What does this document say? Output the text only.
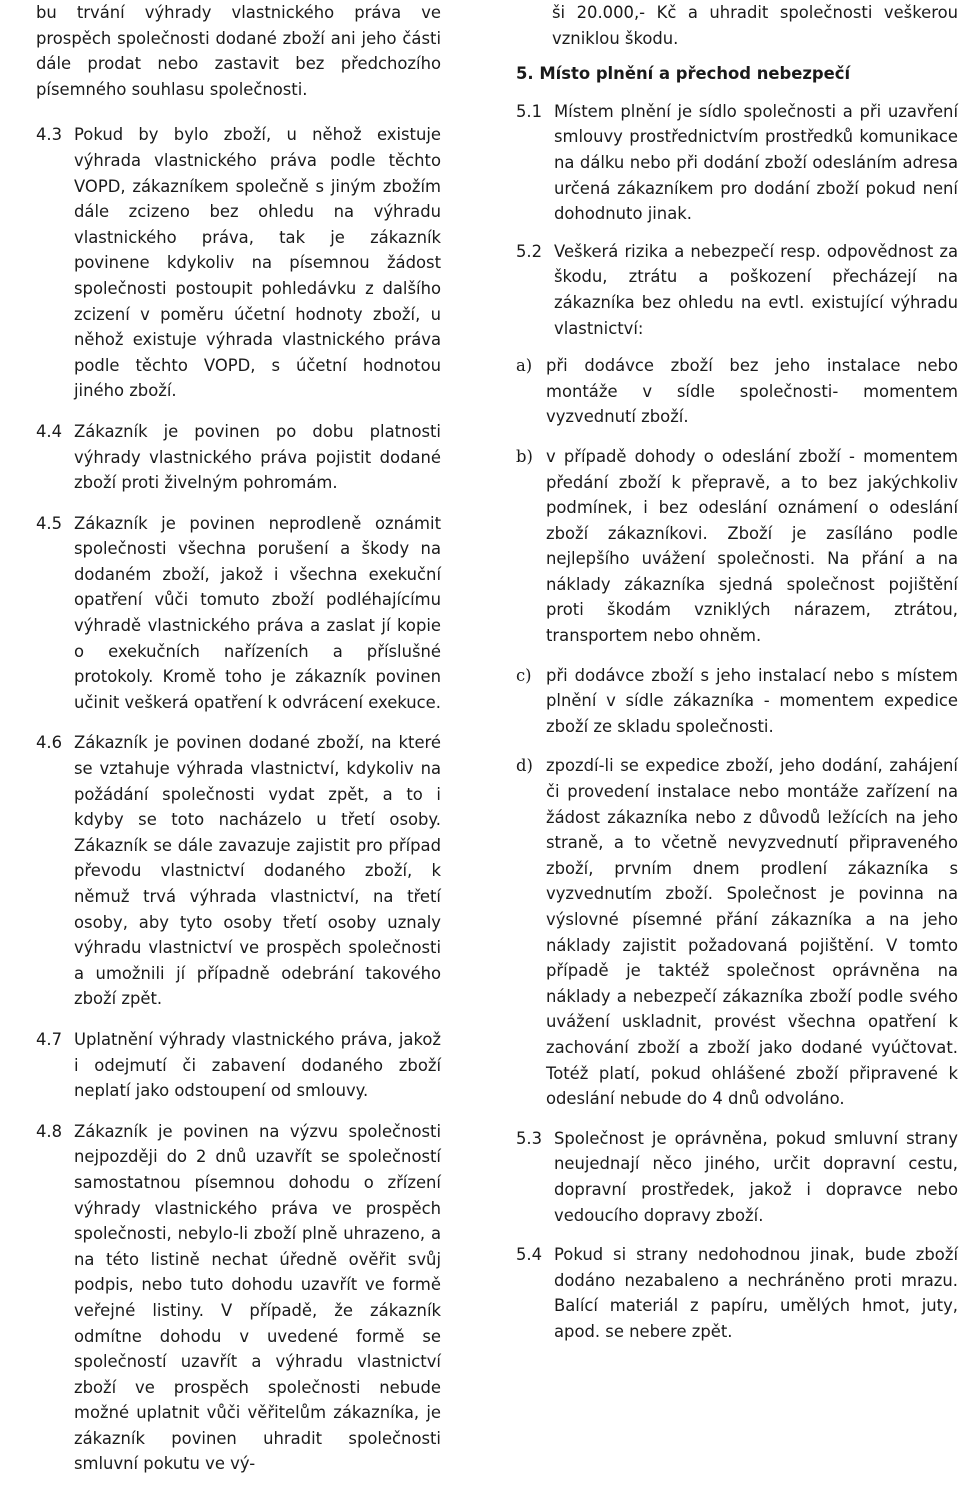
bu trvání výhrady vlastnického práva ve prospěch společnosti dodané zboží ani jeho části dále prodat nebo zastavit bez předchozího písemného souhlasu společnosti.

4.3 Pokud by bylo zboží, u něhož existuje výhrada vlastnického práva podle těchto VOPD, zákazníkem společně s jiným zbožím dále zcizeno bez ohledu na výhradu vlastnického práva, tak je zákazník povinene kdykoliv na písemnou žádost společnosti postoupit pohledávku z dalšího zcizení v poměru účetní hodnoty zboží, u něhož existuje výhrada vlastnického práva podle těchto VOPD, s účetní hodnotou jiného zboží.
4.4 Zákazník je povinen po dobu platnosti výhrady vlastnického práva pojistit dodané zboží proti živelným pohromám.
4.5 Zákazník je povinen neprodleně oznámit společnosti všechna porušení a škody na dodaném zboží, jakož i všechna exekuční opatření vůči tomuto zboží podléhajícímu výhradě vlastnického práva a zaslat jí kopie o exekučních nařízeních a příslušné protokoly. Kromě toho je zákazník povinen učinit veškerá opatření k odvrácení exekuce.
4.6 Zákazník je povinen dodané zboží, na které se vztahuje výhrada vlastnictví, kdykoliv na požádání společnosti vydat zpět, a to i kdyby se toto nacházelo u třetí osoby. Zákazník se dále zavazuje zajistit pro případ převodu vlastnictví dodaného zboží, k němuž trvá výhrada vlastnictví, na třetí osoby, aby tyto osoby třetí osoby uznaly výhradu vlastnictví ve prospěch společnosti a umožnili jí případně odebrání takového zboží zpět.
4.7 Uplatnění výhrady vlastnického práva, jakož i odejmutí či zabavení dodaného zboží neplatí jako odstoupení od smlouvy.
4.8 Zákazník je povinen na výzvu společnosti nejpozději do 2 dnů uzavřít se společností samostatnou písemnou dohodu o zřízení výhrady vlastnického práva ve prospěch společnosti, nebylo-li zboží plně uhrazeno, a na této listině nechat úředně ověřit svůj podpis, nebo tuto dohodu uzavřít ve formě veřejné listiny. V případě, že zákazník odmítne dohodu v uvedené formě se společností uzavřít a výhradu vlastnictví zboží ve prospěch společnosti nebude možné uplatnit vůči věřitelům zákazníka, je zákazník povinen uhradit společnosti smluvní pokutu ve vý-

ši 20.000,- Kč a uhradit společnosti veškerou vzniklou škodu.

5. Místo plnění a přechod nebezpečí

5.1 Místem plnění je sídlo společnosti a při uzavření smlouvy prostřednictvím prostředků komunikace na dálku nebo při dodání zboží odesláním adresa určená zákazníkem pro dodání zboží pokud není dohodnuto jinak.
5.2 Veškerá rizika a nebezpečí resp. odpovědnost za škodu, ztrátu a poškození přecházejí na zákazníka bez ohledu na evtl. existující výhradu vlastnictví:
a) při dodávce zboží bez jeho instalace nebo montáže v sídle společnosti- momentem vyzvednutí zboží.
b) v případě dohody o odeslání zboží - momentem předání zboží k přepravě, a to bez jakýchkoliv podmínek, i bez odeslání oznámení o odeslání zboží zákazníkovi. Zboží je zasíláno podle nejlepšího uvážení společnosti. Na přání a na náklady zákazníka sjedná společnost pojištění proti škodám vzniklých nárazem, ztrátou, transportem nebo ohněm.
c) při dodávce zboží s jeho instalací nebo s místem plnění v sídle zákazníka - momentem expedice zboží ze skladu společnosti.
d) zpozdí-li se expedice zboží, jeho dodání, zahájení či provedení instalace nebo montáže zařízení na žádost zákazníka nebo z důvodů ležících na jeho straně, a to včetně nevyzvednutí připraveného zboží, prvním dnem prodlení zákazníka s vyzvednutím zboží. Společnost je povinna na výslovné písemné přání zákazníka a na jeho náklady zajistit požadovaná pojištění. V tomto případě je taktéž společnost oprávněna na náklady a nebezpečí zákazníka zboží podle svého uvážení uskladnit, provést všechna opatření k zachování zboží a zboží jako dodané vyúčtovat. Totéž platí, pokud ohlášené zboží připravené k odeslání nebude do 4 dnů odvoláno.
5.3 Společnost je oprávněna, pokud smluvní strany neujednají něco jiného, určit dopravní cestu, dopravní prostředek, jakož i dopravce nebo vedoucího dopravy zboží.
5.4 Pokud si strany nedohodnou jinak, bude zboží dodáno nezabaleno a nechráněno proti mrazu. Balící materiál z papíru, umělých hmot, juty, apod. se nebere zpět.
